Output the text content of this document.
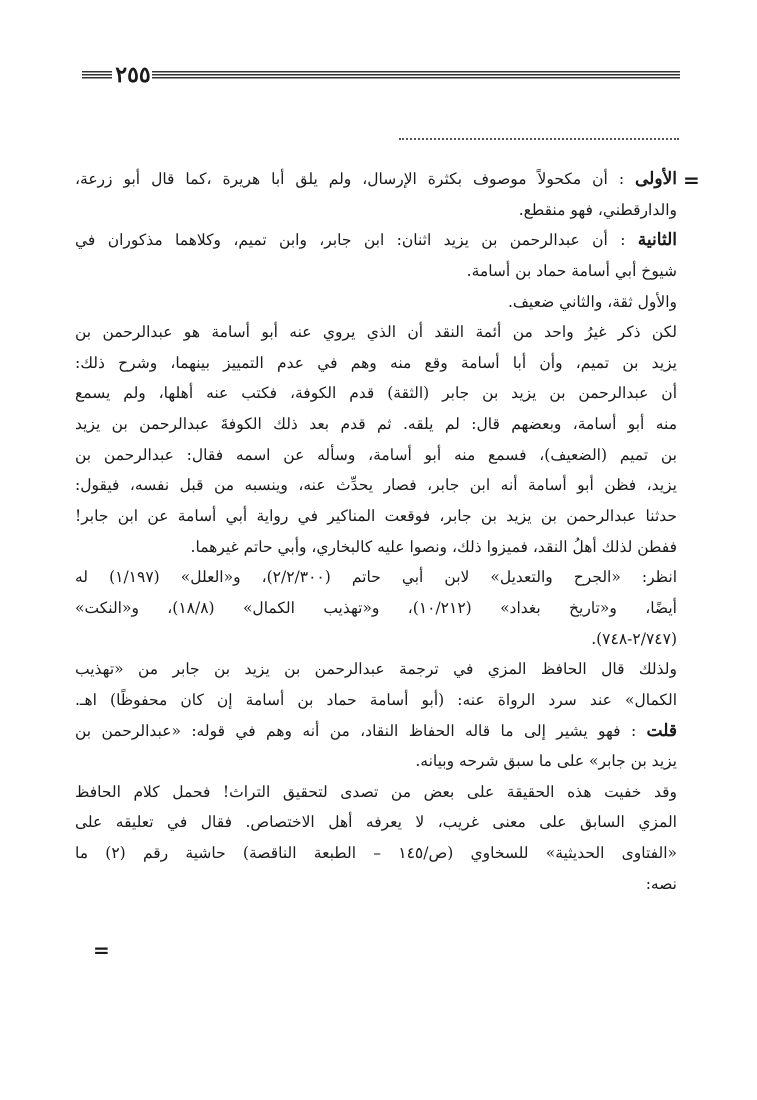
٢٥٥
=
الأولى : أن مكحولاً موصوف بكثرة الإرسال، ولم يلق أبا هريرة ،كما قال أبو زرعة،
والدارقطني، فهو منقطع.
الثانية : أن عبدالرحمن بن يزيد اثنان: ابن جابر، وابن تميم، وكلاهما مذكوران في
شيوخ أبي أسامة حماد بن أسامة.
والأول ثقة، والثاني ضعيف.
لكن ذكر غيرُ واحد من أئمة النقد أن الذي يروي عنه أبو أسامة هو عبدالرحمن بن
يزيد بن تميم، وأن أبا أسامة وقع منه وهم في عدم التمييز بينهما، وشرح ذلك:
أن عبدالرحمن بن يزيد بن جابر (الثقة) قدم الكوفة، فكتب عنه أهلها، ولم يسمع
منه أبو أسامة، وبعضهم قال: لم يلقه. ثم قدم بعد ذلك الكوفةَ عبدالرحمن بن يزيد
بن تميم (الضعيف)، فسمع منه أبو أسامة، وسأله عن اسمه فقال: عبدالرحمن بن
يزيد، فظن أبو أسامة أنه ابن جابر، فصار يحدِّث عنه، وينسبه من قبل نفسه، فيقول:
حدثنا عبدالرحمن بن يزيد بن جابر، فوقعت المناكير في رواية أبي أسامة عن ابن جابر!
ففطن لذلك أهلُ النقد، فميزوا ذلك، ونصوا عليه كالبخاري، وأبي حاتم غيرهما.
انظر: «الجرح والتعديل» لابن أبي حاتم (٢/٢/٣٠٠)، و«العلل» (١/١٩٧) له
أيضًا، و«تاريخ بغداد» (١٠/٢١٢)، و«تهذيب الكمال» (١٨/٨)، و«النكت»
(٢/٧٤٧-٧٤٨).
ولذلك قال الحافظ المزي في ترجمة عبدالرحمن بن يزيد بن جابر من «تهذيب
الكمال» عند سرد الرواة عنه: (أبو أسامة حماد بن أسامة إن كان محفوظًا) اهـ.
قلت : فهو يشير إلى ما قاله الحفاظ النقاد، من أنه وهم في قوله: «عبدالرحمن بن
يزيد بن جابر» على ما سبق شرحه وبيانه.
وقد خفيت هذه الحقيقة على بعض من تصدى لتحقيق التراث! فحمل كلام الحافظ
المزي السابق على معنى غريب، لا يعرفه أهل الاختصاص. فقال في تعليقه على
«الفتاوى الحديثية» للسخاوي (ص/١٤٥ – الطبعة الناقصة) حاشية رقم (٢) ما
نصه:
=
